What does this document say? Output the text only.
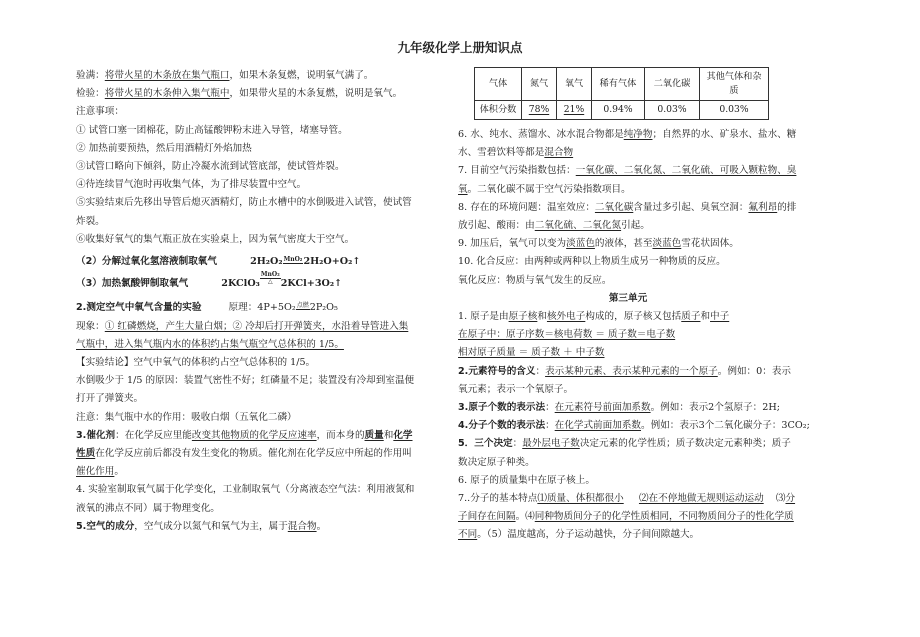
九年级化学上册知识点
验满：将带火星的木条放在集气瓶口，如果木条复燃，说明氧气满了。
检验：将带火星的木条伸入集气瓶中，如果带火星的木条复燃，说明是氧气。
注意事项：
① 试管口塞一团棉花，防止高锰酸钾粉末进入导管，堵塞导管。
② 加热前要预热，然后用酒精灯外焰加热
③试管口略向下倾斜，防止冷凝水流到试管底部，使试管炸裂。
④待连续冒气泡时再收集气体，为了排尽装置中空气。
⑤实验结束后先移出导管后熄灭酒精灯，防止水槽中的水倒吸进入试管，使试管炸裂。
⑥收集好氧气的集气瓶正放在实验桌上，因为氧气密度大于空气。
（2）分解过氧化氢溶液制取氧气	2H₂O₂ MnO₂ 2H₂O+O₂↑
（3）加热氯酸钾制取氧气	2KClO₃
MnO₂
△ 2KCl+3O₂↑
2.测定空气中氧气含量的实验	原理：4P+5O₂ 点燃 2P₂O₅
现象：① 红磷燃烧，产生大量白烟；② 冷却后打开弹簧夹，水沿着导管进入集气瓶中，进入集气瓶内水的体积约占集气瓶空气总体积的 1/5。
【实验结论】空气中氧气的体积约占空气总体积的 1/5。
水倒吸少于 1/5 的原因：装置气密性不好；红磷量不足；装置没有冷却到室温便打开了弹簧夹。
注意：集气瓶中水的作用：吸收白烟（五氧化二磷）
3.催化剂：在化学反应里能改变其他物质的化学反应速率，而本身的质量和化学性质在化学反应前后都没有发生变化的物质。催化剂在化学反应中所起的作用叫催化作用。
4. 实验室制取氧气属于化学变化，工业制取氧气（分离液态空气法：利用液氮和液氧的沸点不同）属于物理变化。
5.空气的成分，空气成分以氮气和氧气为主，属于混合物。
气体	氮气	氧气	稀有气体	二氧化碳	其他气体和杂质
体积分数	78%	21%	0.94%	0.03%	0.03%
6. 水、纯水、蒸馏水、冰水混合物都是纯净物；自然界的水、矿泉水、盐水、糖水、雪碧饮料等都是混合物
7. 目前空气污染指数包括：一氧化碳、二氧化氮、二氧化硫、可吸入颗粒物、臭氧。二氧化碳不属于空气污染指数项目。
8. 存在的环境问题：温室效应：二氧化碳含量过多引起、臭氧空洞：氟利昂的排放引起、酸雨：由二氧化硫、二氧化氮引起。
9. 加压后，氧气可以变为淡蓝色的液体，甚至淡蓝色雪花状固体。
10. 化合反应：由两种或两种以上物质生成另一种物质的反应。
氧化反应：物质与氧气发生的反应。
第三单元
1. 原子是由原子核和核外电子构成的，原子核又包括质子和中子
在原子中：原子序数＝核电荷数 ＝ 质子数＝电子数
相对原子质量 ＝ 质子数 ＋ 中子数
2.元素符号的含义：表示某种元素、表示某种元素的一个原子。例如：0：表示氧元素；表示一个氧原子。
3.原子个数的表示法：在元素符号前面加系数。例如：表示2个氢原子：2H;
4.分子个数的表示法：在化学式前面加系数。例如：表示3个二氧化碳分子：3CO₂;
5．三个决定：最外层电子数决定元素的化学性质；质子数决定元素种类；质子数决定原子种类。
6. 原子的质量集中在原子核上。
7..分子的基本特点⑴质量、体积都很小 ⑵在不停地做无规则运动运动    ⑶分子间存在间隔。⑷同种物质间分子的化学性质相同，不同物质间分子的性化学质不同。（5）温度越高，分子运动越快，分子间间隙越大。
